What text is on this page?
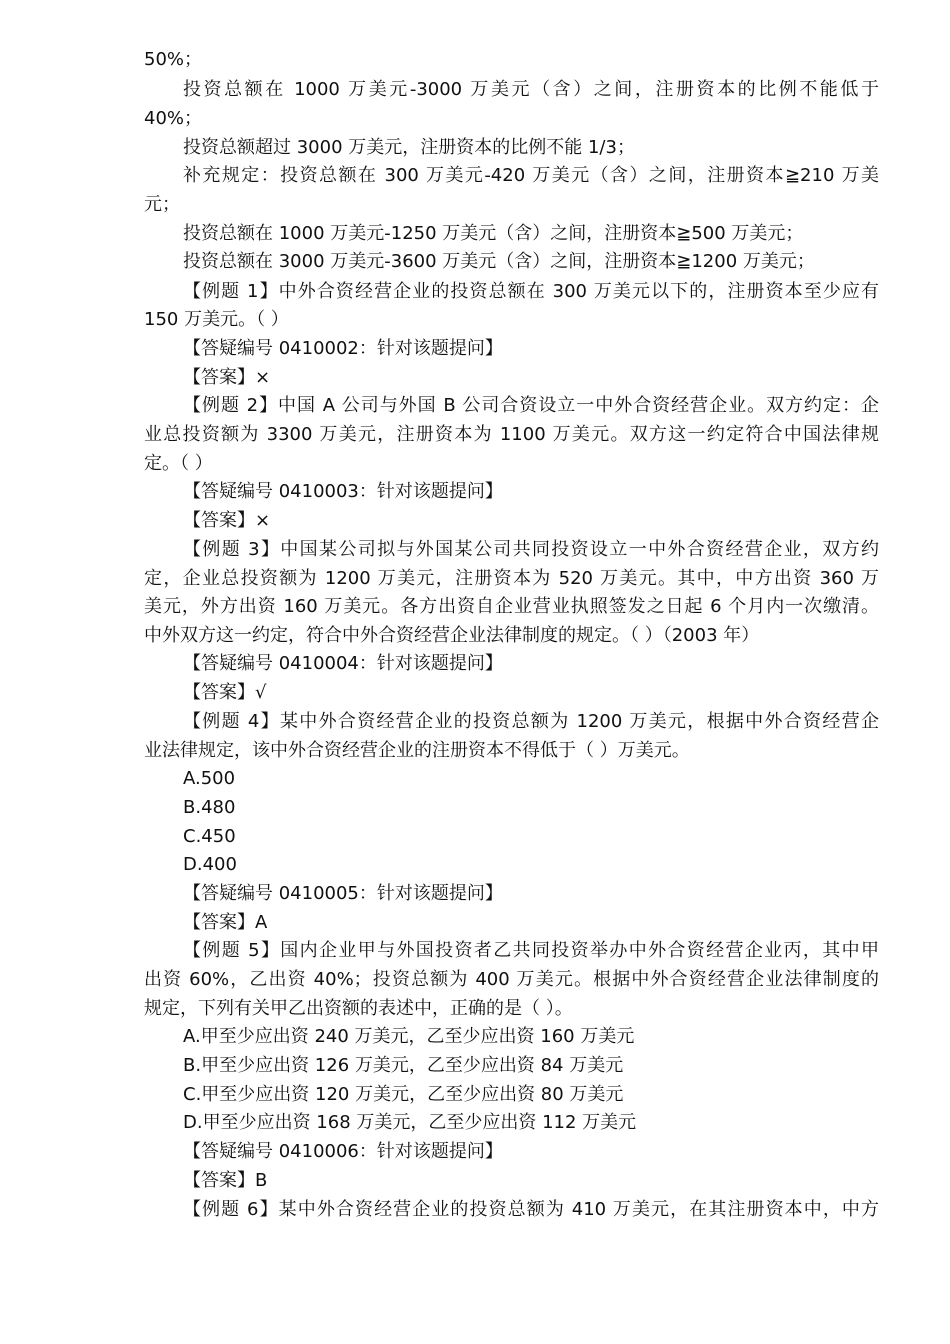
50%；
投资总额在 1000 万美元-3000 万美元（含）之间，注册资本的比例不能低于
40%；
投资总额超过 3000 万美元，注册资本的比例不能 1/3；
补充规定：投资总额在 300 万美元-420 万美元（含）之间，注册资本≧210 万美
元；
投资总额在 1000 万美元-1250 万美元（含）之间，注册资本≧500 万美元；
投资总额在 3000 万美元-3600 万美元（含）之间，注册资本≧1200 万美元；
【例题 1】中外合资经营企业的投资总额在 300 万美元以下的，注册资本至少应有
150 万美元。（ ）
【答疑编号 0410002：针对该题提问】
【答案】×
【例题 2】中国 A 公司与外国 B 公司合资设立一中外合资经营企业。双方约定：企
业总投资额为 3300 万美元，注册资本为 1100 万美元。双方这一约定符合中国法律规
定。（ ）
【答疑编号 0410003：针对该题提问】
【答案】×
【例题 3】中国某公司拟与外国某公司共同投资设立一中外合资经营企业，双方约
定，企业总投资额为 1200 万美元，注册资本为 520 万美元。其中，中方出资 360 万
美元，外方出资 160 万美元。各方出资自企业营业执照签发之日起 6 个月内一次缴清。
中外双方这一约定，符合中外合资经营企业法律制度的规定。（ ）（2003 年）
【答疑编号 0410004：针对该题提问】
【答案】√
【例题 4】某中外合资经营企业的投资总额为 1200 万美元，根据中外合资经营企
业法律规定，该中外合资经营企业的注册资本不得低于（ ）万美元。
A.500
B.480
C.450
D.400
【答疑编号 0410005：针对该题提问】
【答案】A
【例题 5】国内企业甲与外国投资者乙共同投资举办中外合资经营企业丙，其中甲
出资 60%，乙出资 40%；投资总额为 400 万美元。根据中外合资经营企业法律制度的
规定，下列有关甲乙出资额的表述中，正确的是（ ）。
A.甲至少应出资 240 万美元，乙至少应出资 160 万美元
B.甲至少应出资 126 万美元，乙至少应出资 84 万美元
C.甲至少应出资 120 万美元，乙至少应出资 80 万美元
D.甲至少应出资 168 万美元，乙至少应出资 112 万美元
【答疑编号 0410006：针对该题提问】
【答案】B
【例题 6】某中外合资经营企业的投资总额为 410 万美元，在其注册资本中，中方
